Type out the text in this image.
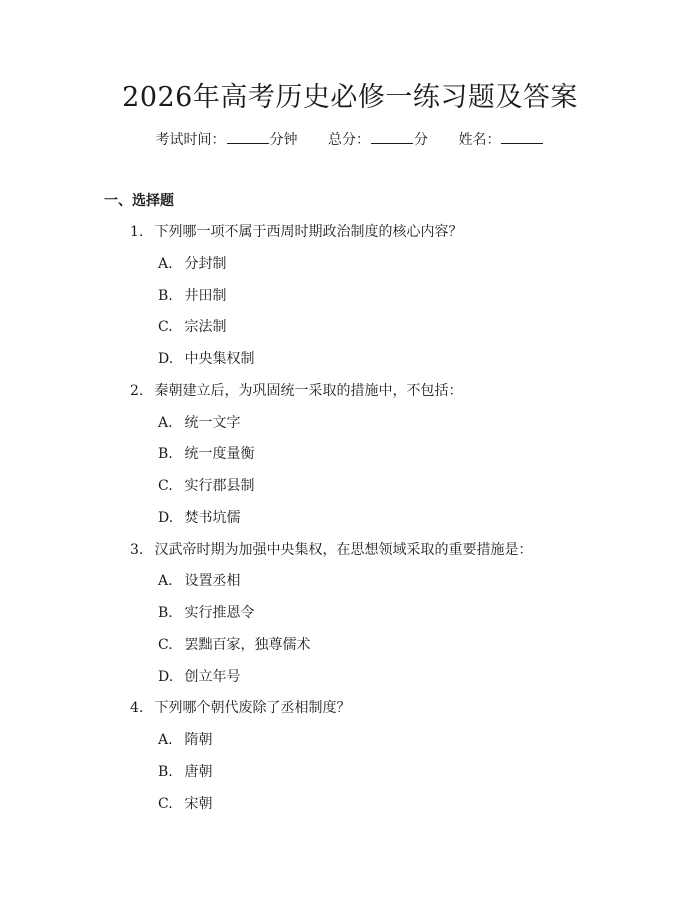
2026年高考历史必修一练习题及答案
考试时间：	分钟 总分：	分 姓名：
一、选择题
1. 下列哪一项不属于西周时期政治制度的核心内容？
A. 分封制
B. 井田制
C. 宗法制
D. 中央集权制
2. 秦朝建立后，为巩固统一采取的措施中，不包括：
A. 统一文字
B. 统一度量衡
C. 实行郡县制
D. 焚书坑儒
3. 汉武帝时期为加强中央集权，在思想领域采取的重要措施是：
A. 设置丞相
B. 实行推恩令
C. 罢黜百家，独尊儒术
D. 创立年号
4. 下列哪个朝代废除了丞相制度？
A. 隋朝
B. 唐朝
C. 宋朝
